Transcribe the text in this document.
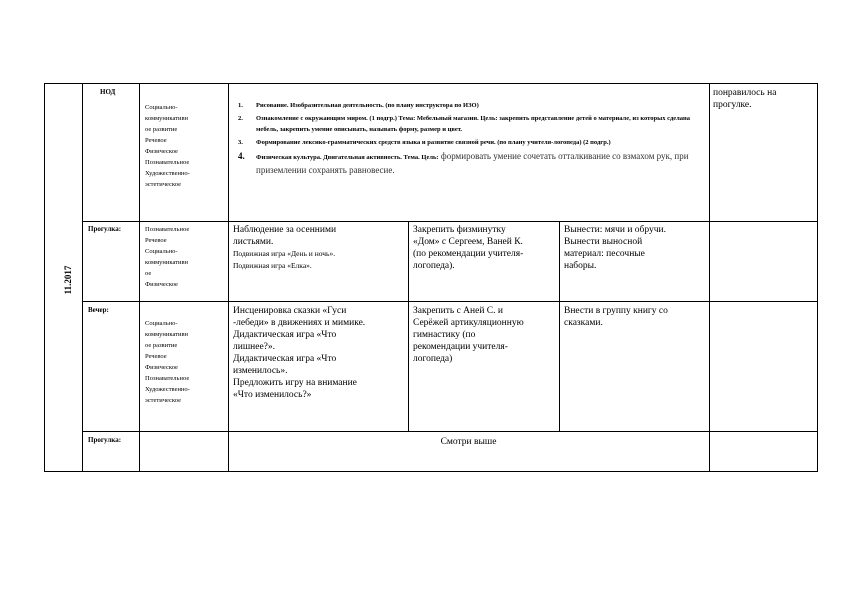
11.2017
понравилось на прогулке.
НОД
Социально-
коммуникативн
ое развитие
Речевое
Физическое
Познавательное
Художественно-
эстетическое
1. Рисование. Изобразительная деятельность. (по плану инструктора по ИЗО)
2. Ознакомление с окружающим миром. (1 подгр.) Тема: Мебельный магазин. Цель: закрепить представление детей о материале, из которых сделана мебель, закрепить умение описывать, называть форму, размер и цвет.
3. Формирование лексико-грамматических средств языка и развитие связной речи. (по плану учителя-логопеда) (2 подгр.)
4. Физическая культура. Двигательная активность. Тема. Цель: формировать умение сочетать отталкивание со взмахом рук, при приземлении сохранять равновесие.
Прогулка:	Познавательное
Речевое
Социально-
коммуникативн
ое
Физическое
Наблюдение за осенними
листьями.
Подвижная игра «День и ночь».
Подвижная игра «Елка».
Закрепить физминутку
«Дом» с Сергеем, Ваней К.
(по рекомендации учителя-
логопеда).
Вынести: мячи и обручи.
Вынести выносной
материал: песочные
наборы.
Вечер:
Социально-
коммуникативн
ое развитие
Речевое
Физическое
Познавательное
Художественно-
эстетическое
Инсценировка сказки «Гуси
-лебеди» в движениях и мимике.
Дидактическая игра «Что
лишнее?».
Дидактическая игра «Что
изменилось».
Предложить игру на внимание
«Что изменилось?»
Закрепить с Аней С. и
Серёжей артикуляционную
гимнастику (по
рекомендации учителя-
логопеда)
Внести в группу книгу со
сказками.
Прогулка:	Смотри выше
